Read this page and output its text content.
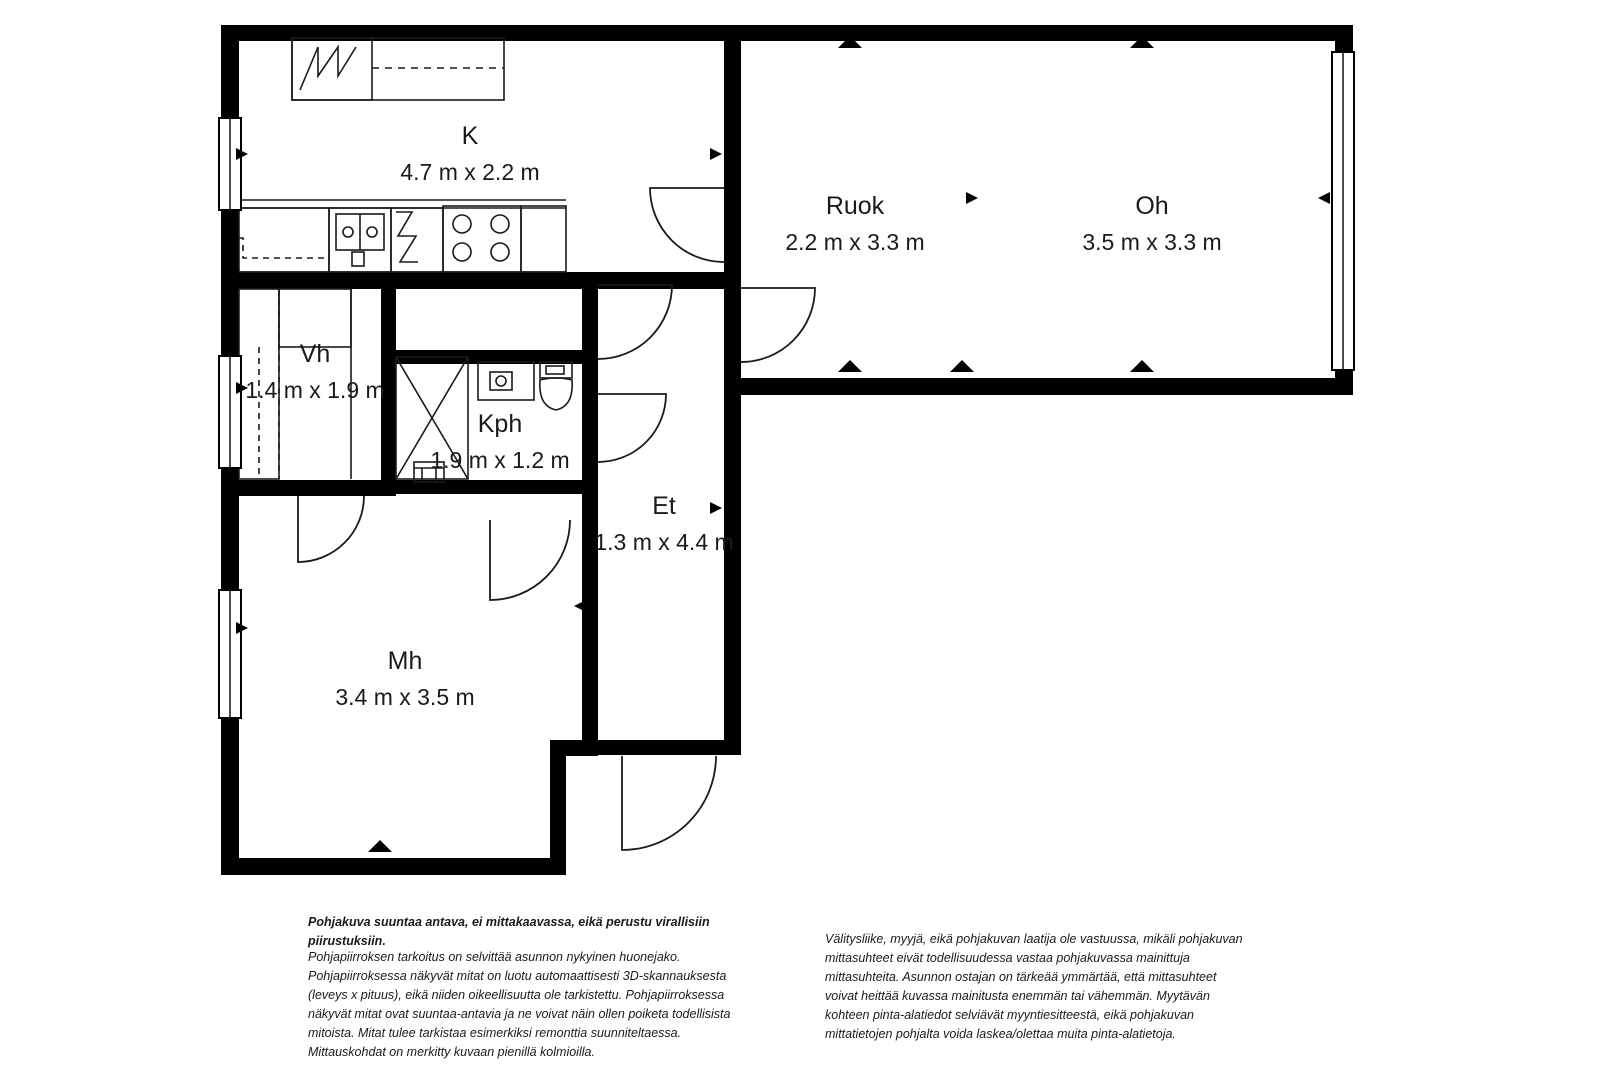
K
4.7 m x 2.2 m
Ruok
2.2 m x 3.3 m
Oh
3.5 m x 3.3 m
Vh
1.4 m x 1.9 m
Kph
1.9 m x 1.2 m
Et
1.3 m x 4.4 m
Mh
3.4 m x 3.5 m
Pohjakuva suuntaa antava, ei mittakaavassa, eikä perustu virallisiin piirustuksiin.
Pohjapiirroksen tarkoitus on selvittää asunnon nykyinen huonejako. Pohjapiirroksessa näkyvät mitat on luotu automaattisesti 3D-skannauksesta (leveys x pituus), eikä niiden oikeellisuutta ole tarkistettu. Pohjapiirroksessa näkyvät mitat ovat suuntaa-antavia ja ne voivat näin ollen poiketa todellisista mitoista. Mitat tulee tarkistaa esimerkiksi remonttia suunniteltaessa. Mittauskohdat on merkitty kuvaan pienillä kolmioilla.
Välitysliike, myyjä, eikä pohjakuvan laatija ole vastuussa, mikäli pohjakuvan mittasuhteet eivät todellisuudessa vastaa pohjakuvassa mainittuja mittasuhteita. Asunnon ostajan on tärkeää ymmärtää, että mittasuhteet voivat heittää kuvassa mainitusta enemmän tai vähemmän. Myytävän kohteen pinta-alatiedot selviävät myyntiesitteestä, eikä pohjakuvan mittatietojen pohjalta voida laskea/olettaa muita pinta-alatietoja.
